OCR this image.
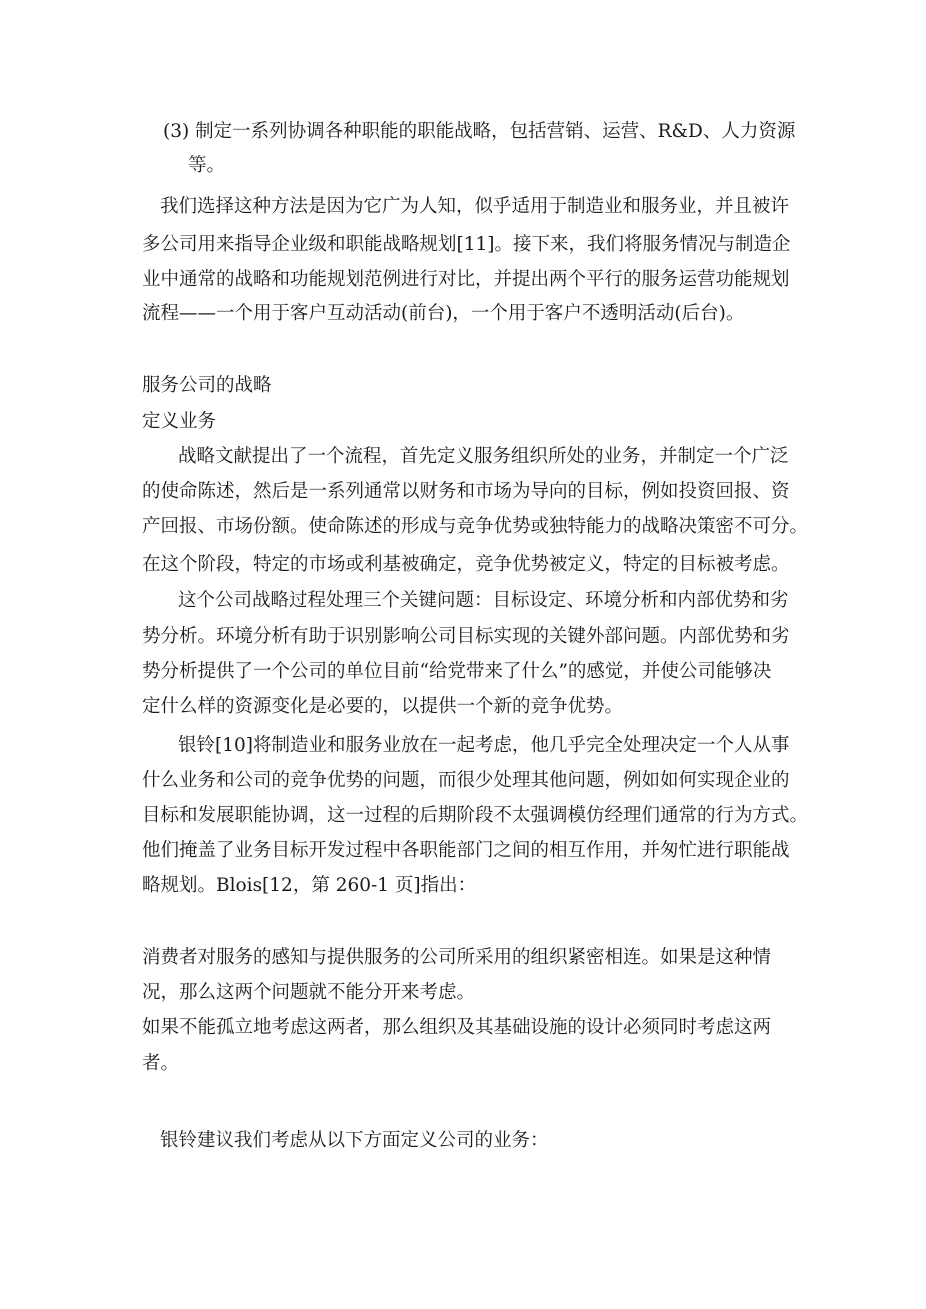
(3) 制定一系列协调各种职能的职能战略，包括营销、运营、R&D、人力资源
等。
我们选择这种方法是因为它广为人知，似乎适用于制造业和服务业，并且被许
多公司用来指导企业级和职能战略规划[11]。接下来，我们将服务情况与制造企
业中通常的战略和功能规划范例进行对比，并提出两个平行的服务运营功能规划
流程——一个用于客户互动活动(前台)，一个用于客户不透明活动(后台)。
服务公司的战略
定义业务
战略文献提出了一个流程，首先定义服务组织所处的业务，并制定一个广泛
的使命陈述，然后是一系列通常以财务和市场为导向的目标，例如投资回报、资
产回报、市场份额。使命陈述的形成与竞争优势或独特能力的战略决策密不可分。
在这个阶段，特定的市场或利基被确定，竞争优势被定义，特定的目标被考虑。
这个公司战略过程处理三个关键问题：目标设定、环境分析和内部优势和劣
势分析。环境分析有助于识别影响公司目标实现的关键外部问题。内部优势和劣
势分析提供了一个公司的单位目前“给党带来了什么”的感觉，并使公司能够决
定什么样的资源变化是必要的，以提供一个新的竞争优势。
银铃[10]将制造业和服务业放在一起考虑，他几乎完全处理决定一个人从事
什么业务和公司的竞争优势的问题，而很少处理其他问题，例如如何实现企业的
目标和发展职能协调，这一过程的后期阶段不太强调模仿经理们通常的行为方式。
他们掩盖了业务目标开发过程中各职能部门之间的相互作用，并匆忙进行职能战
略规划。Blois[12，第 260-1 页]指出：
消费者对服务的感知与提供服务的公司所采用的组织紧密相连。如果是这种情
况，那么这两个问题就不能分开来考虑。
如果不能孤立地考虑这两者，那么组织及其基础设施的设计必须同时考虑这两
者。
银铃建议我们考虑从以下方面定义公司的业务：
